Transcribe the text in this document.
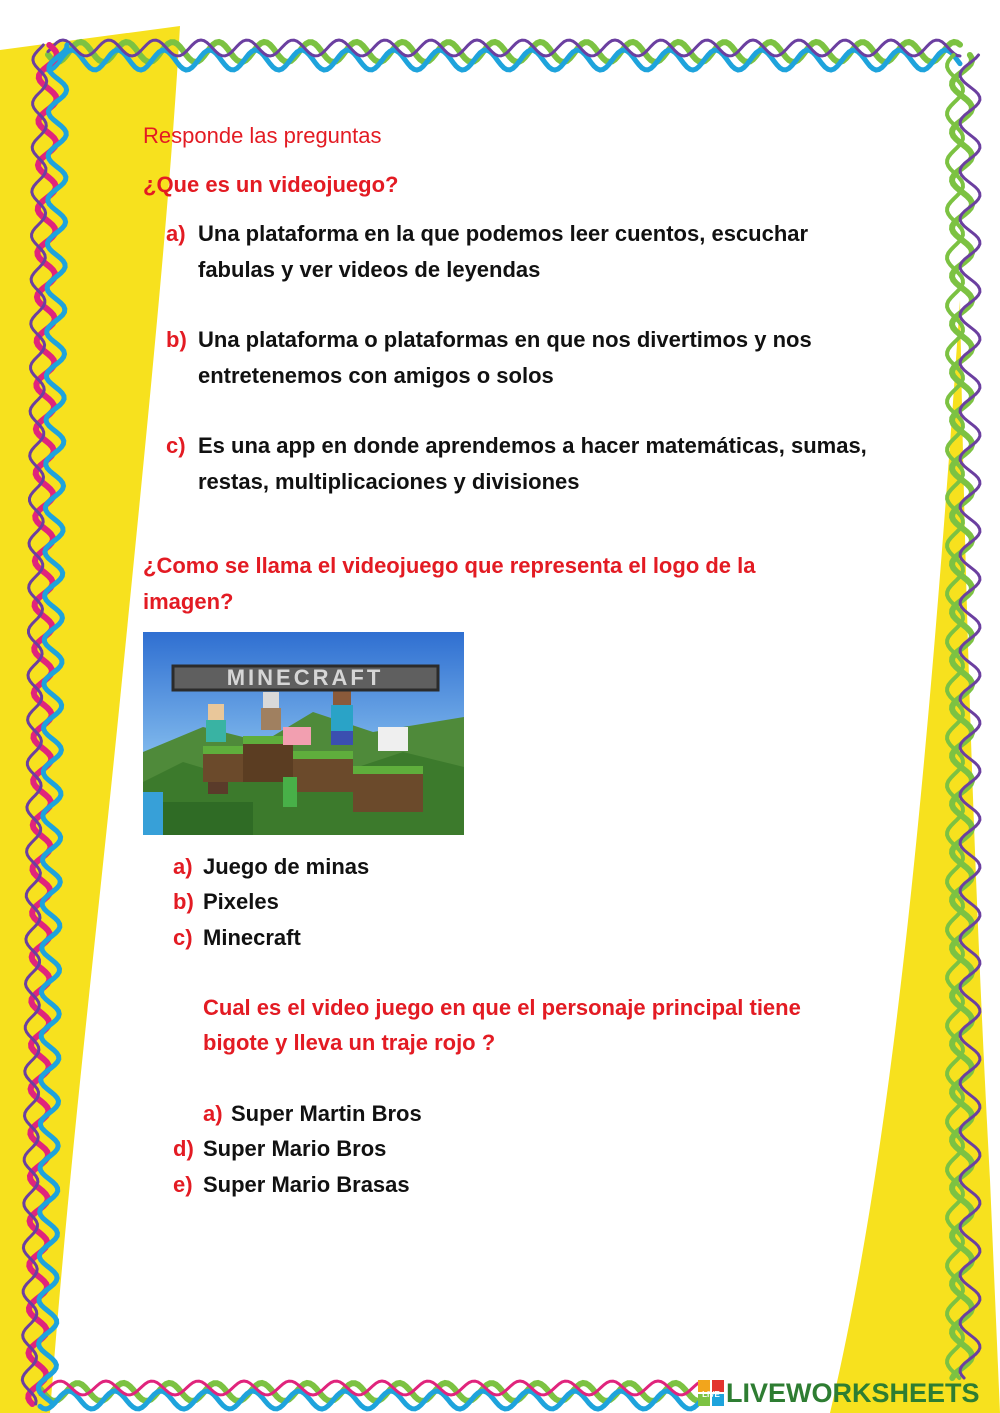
Responde las preguntas

¿Que es un videojuego?

a) Una plataforma en la que podemos leer cuentos, escuchar fabulas y ver videos de leyendas
b) Una plataforma o plataformas en que nos divertimos y nos entretenemos con amigos o solos
c) Es una app en donde aprendemos a hacer matemáticas, sumas, restas, multiplicaciones y divisiones

¿Como se llama el videojuego que representa el logo de la imagen?

MINECRAFT
a) Juego de minas
b) Pixeles
c) Minecraft

Cual es el video juego en que el personaje principal tiene bigote y lleva un traje rojo ?

a) Super Martin Bros
d) Super Mario Bros
e) Super Mario Brasas
LIVE LIVEWORKSHEETS
